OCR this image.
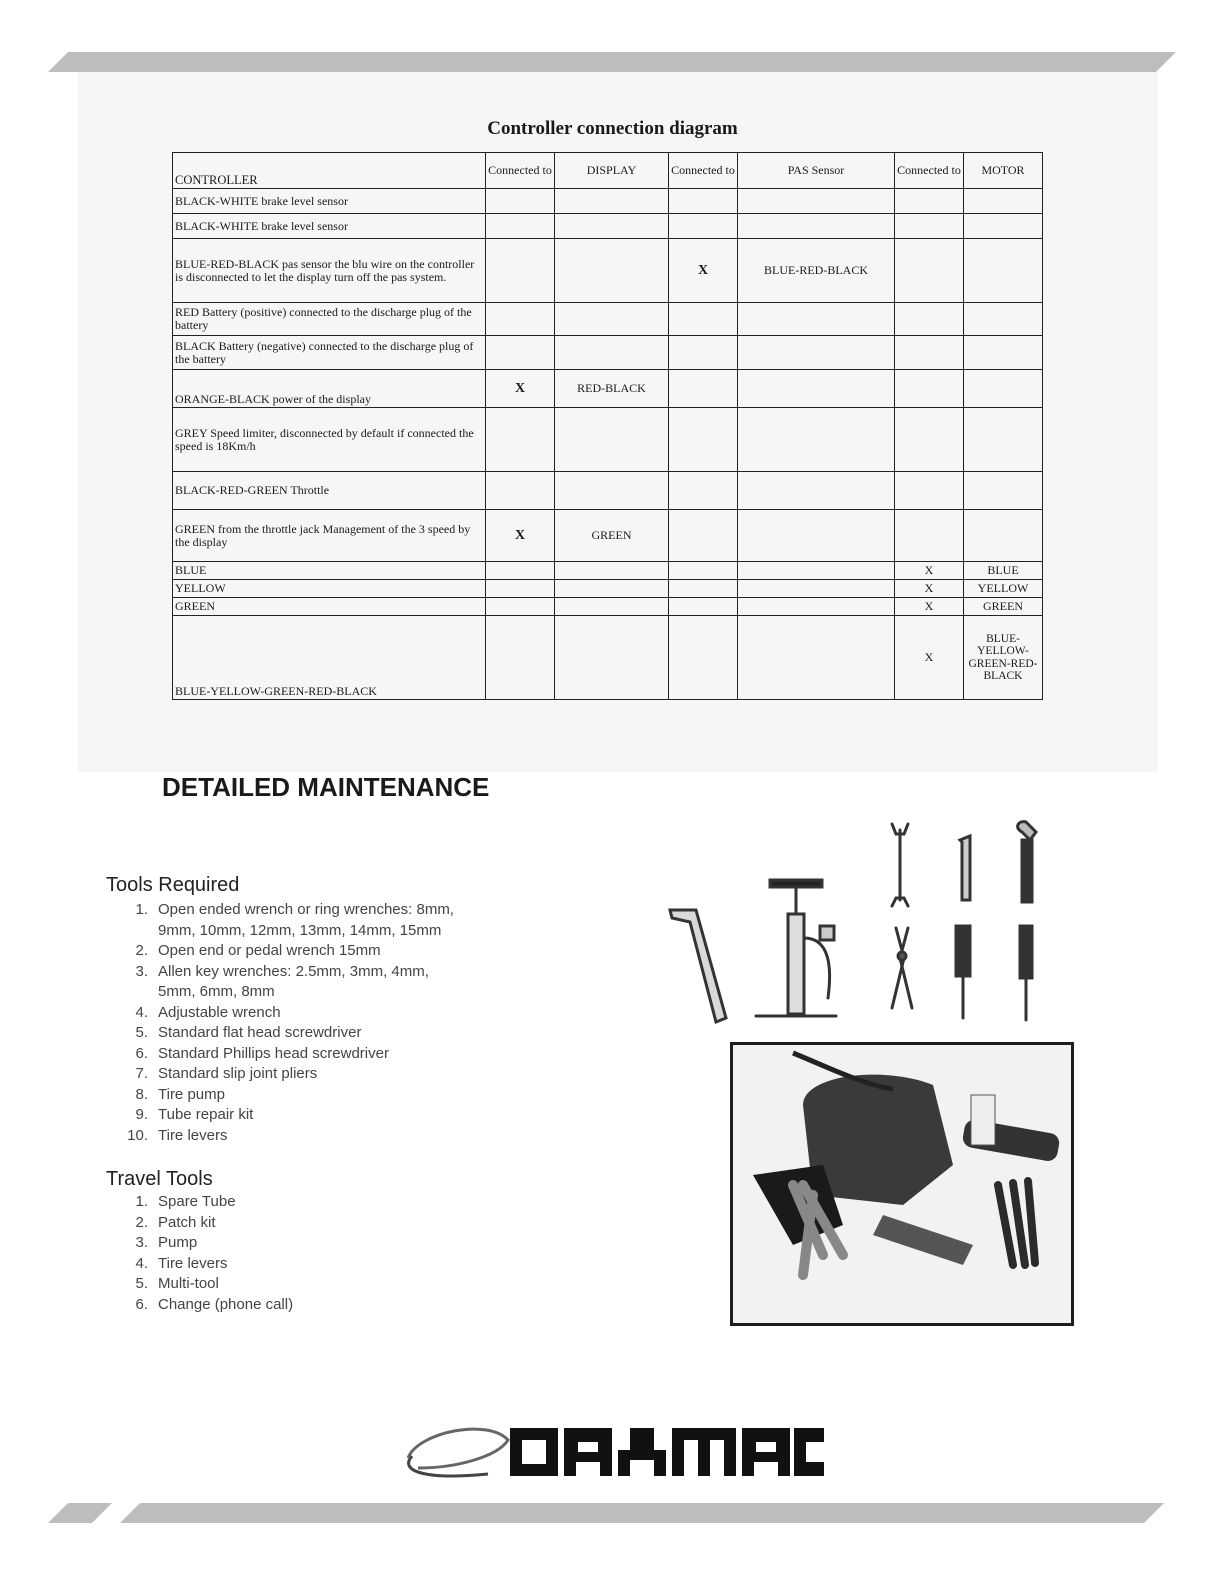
Controller connection diagram
CONTROLLER	Connected to	DISPLAY	Connected to	PAS Sensor	Connected to	MOTOR
BLACK-WHITE brake level sensor						
BLACK-WHITE brake level sensor						
BLUE-RED-BLACK pas sensor the blu wire on the controller is disconnected to let the display turn off the pas system.			X	BLUE-RED-BLACK		
RED Battery (positive) connected to the discharge plug of the battery						
BLACK Battery (negative) connected to the discharge plug of the battery						
ORANGE-BLACK power of the display	X	RED-BLACK				
GREY Speed limiter, disconnected by default if connected the speed is 18Km/h						
BLACK-RED-GREEN Throttle						
GREEN from the throttle jack Management of the 3 speed by the display	X	GREEN				
BLUE					X	BLUE
YELLOW					X	YELLOW
GREEN					X	GREEN
BLUE-YELLOW-GREEN-RED-BLACK					X	BLUE-YELLOW-GREEN-RED-BLACK
DETAILED MAINTENANCE
Tools Required
1. Open ended wrench or ring wrenches: 8mm,
9mm, 10mm, 12mm, 13mm, 14mm, 15mm
2. Open end or pedal wrench 15mm
3. Allen key wrenches: 2.5mm, 3mm, 4mm,
5mm, 6mm, 8mm
4. Adjustable wrench
5. Standard flat head screwdriver
6. Standard Phillips head screwdriver
7. Standard slip joint pliers
8. Tire pump
9. Tube repair kit
10. Tire levers
Travel Tools
1. Spare Tube
2. Patch kit
3. Pump
4. Tire levers
5. Multi-tool
6. Change (phone call)
